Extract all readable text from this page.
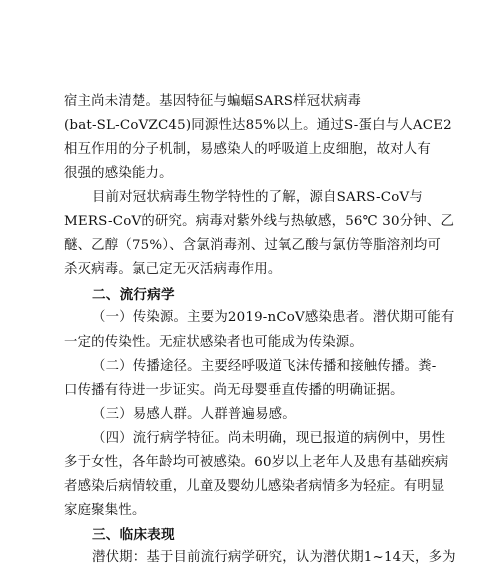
宿主尚未清楚。基因特征与蝙蝠SARS样冠状病毒
(bat-SL-CoVZC45)同源性达85%以上。通过S-蛋白与人ACE2
相互作用的分子机制，易感染人的呼吸道上皮细胞，故对人有
很强的感染能力。
目前对冠状病毒生物学特性的了解，源自SARS-CoV与
MERS-CoV的研究。病毒对紫外线与热敏感，56℃ 30分钟、乙
醚、乙醇（75%）、含氯消毒剂、过氧乙酸与氯仿等脂溶剂均可
杀灭病毒。氯己定无灭活病毒作用。
二、流行病学
（一）传染源。主要为2019-nCoV感染患者。潜伏期可能有
一定的传染性。无症状感染者也可能成为传染源。
（二）传播途径。主要经呼吸道飞沫传播和接触传播。粪-
口传播有待进一步证实。尚无母婴垂直传播的明确证据。
（三）易感人群。人群普遍易感。
（四）流行病学特征。尚未明确，现已报道的病例中，男性
多于女性，各年龄均可被感染。60岁以上老年人及患有基础疾病
者感染后病情较重，儿童及婴幼儿感染者病情多为轻症。有明显
家庭聚集性。
三、临床表现
潜伏期：基于目前流行病学研究，认为潜伏期1~14天，多为
